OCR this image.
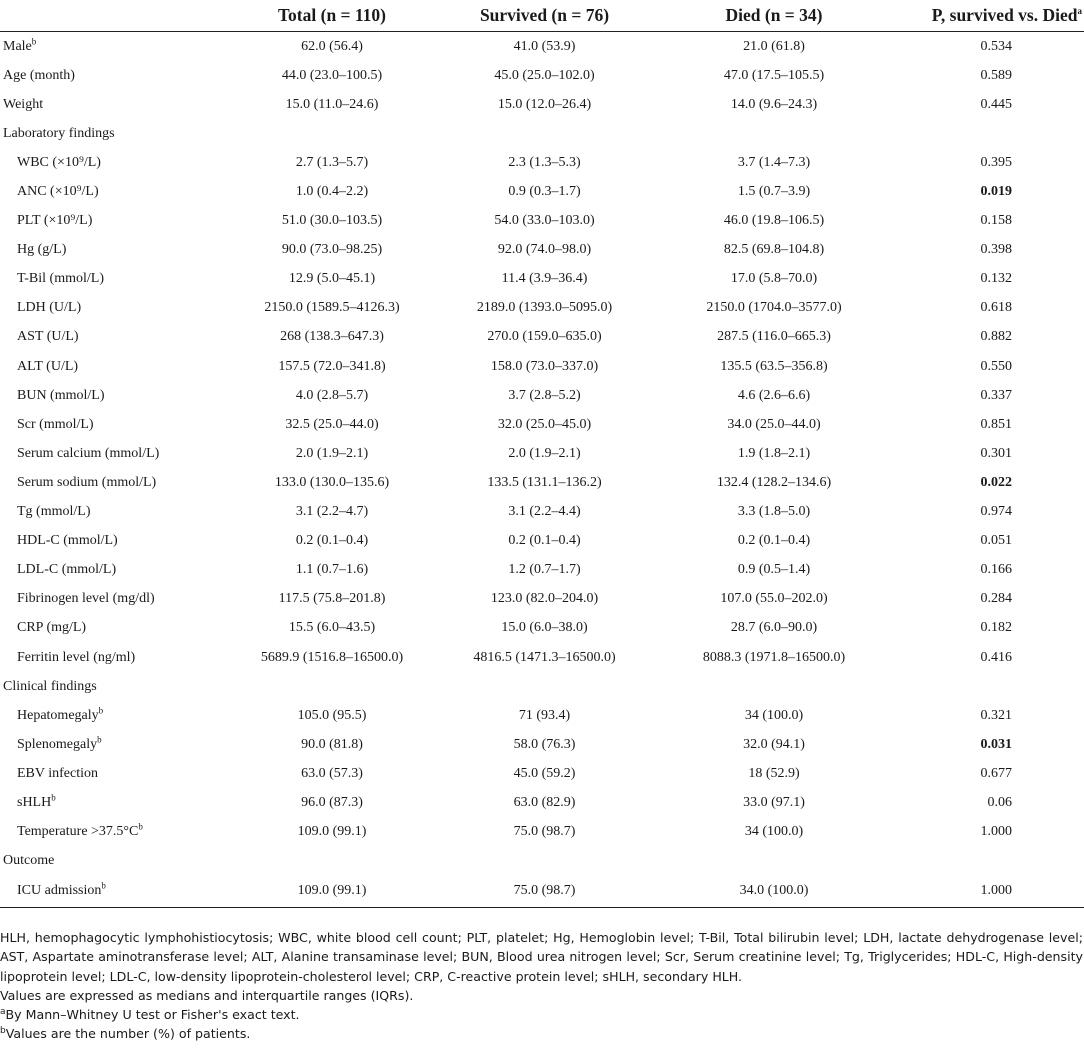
	Total (n = 110)	Survived (n = 76)	Died (n = 34)	P, survived vs. Died$^a$
Male$^b$	62.0 (56.4)	41.0 (53.9)	21.0 (61.8)	0.534
Age (month)	44.0 (23.0–100.5)	45.0 (25.0–102.0)	47.0 (17.5–105.5)	0.589
Weight	15.0 (11.0–24.6)	15.0 (12.0–26.4)	14.0 (9.6–24.3)	0.445
Laboratory findings				
WBC (×10⁹/L)	2.7 (1.3–5.7)	2.3 (1.3–5.3)	3.7 (1.4–7.3)	0.395
ANC (×10⁹/L)	1.0 (0.4–2.2)	0.9 (0.3–1.7)	1.5 (0.7–3.9)	0.019
PLT (×10⁹/L)	51.0 (30.0–103.5)	54.0 (33.0–103.0)	46.0 (19.8–106.5)	0.158
Hg (g/L)	90.0 (73.0–98.25)	92.0 (74.0–98.0)	82.5 (69.8–104.8)	0.398
T-Bil (mmol/L)	12.9 (5.0–45.1)	11.4 (3.9–36.4)	17.0 (5.8–70.0)	0.132
LDH (U/L)	2150.0 (1589.5–4126.3)	2189.0 (1393.0–5095.0)	2150.0 (1704.0–3577.0)	0.618
AST (U/L)	268 (138.3–647.3)	270.0 (159.0–635.0)	287.5 (116.0–665.3)	0.882
ALT (U/L)	157.5 (72.0–341.8)	158.0 (73.0–337.0)	135.5 (63.5–356.8)	0.550
BUN (mmol/L)	4.0 (2.8–5.7)	3.7 (2.8–5.2)	4.6 (2.6–6.6)	0.337
Scr (mmol/L)	32.5 (25.0–44.0)	32.0 (25.0–45.0)	34.0 (25.0–44.0)	0.851
Serum calcium (mmol/L)	2.0 (1.9–2.1)	2.0 (1.9–2.1)	1.9 (1.8–2.1)	0.301
Serum sodium (mmol/L)	133.0 (130.0–135.6)	133.5 (131.1–136.2)	132.4 (128.2–134.6)	0.022
Tg (mmol/L)	3.1 (2.2–4.7)	3.1 (2.2–4.4)	3.3 (1.8–5.0)	0.974
HDL-C (mmol/L)	0.2 (0.1–0.4)	0.2 (0.1–0.4)	0.2 (0.1–0.4)	0.051
LDL-C (mmol/L)	1.1 (0.7–1.6)	1.2 (0.7–1.7)	0.9 (0.5–1.4)	0.166
Fibrinogen level (mg/dl)	117.5 (75.8–201.8)	123.0 (82.0–204.0)	107.0 (55.0–202.0)	0.284
CRP (mg/L)	15.5 (6.0–43.5)	15.0 (6.0–38.0)	28.7 (6.0–90.0)	0.182
Ferritin level (ng/ml)	5689.9 (1516.8–16500.0)	4816.5 (1471.3–16500.0)	8088.3 (1971.8–16500.0)	0.416
Clinical findings				
Hepatomegaly$^b$	105.0 (95.5)	71 (93.4)	34 (100.0)	0.321
Splenomegaly$^b$	90.0 (81.8)	58.0 (76.3)	32.0 (94.1)	0.031
EBV infection	63.0 (57.3)	45.0 (59.2)	18 (52.9)	0.677
sHLH$^b$	96.0 (87.3)	63.0 (82.9)	33.0 (97.1)	0.06
Temperature $>37.5^\circ C^b$	109.0 (99.1)	75.0 (98.7)	34 (100.0)	1.000
Outcome				
ICU admission$^b$	109.0 (99.1)	75.0 (98.7)	34.0 (100.0)	1.000

HLH, hemophagocytic lymphohistiocytosis; WBC, white blood cell count; PLT, platelet; Hg, Hemoglobin level; T-Bil, Total bilirubin level; LDH, lactate dehydrogenase level; AST, Aspartate aminotransferase level; ALT, Alanine transaminase level; BUN, Blood urea nitrogen level; Scr, Serum creatinine level; Tg, Triglycerides; HDL-C, High-density lipoprotein level; LDL-C, low-density lipoprotein-cholesterol level; CRP, C-reactive protein level; sHLH, secondary HLH.

Values are expressed as medians and interquartile ranges (IQRs).

$^a$By Mann–Whitney U test or Fisher's exact text.

$^b$Values are the number (%) of patients.
